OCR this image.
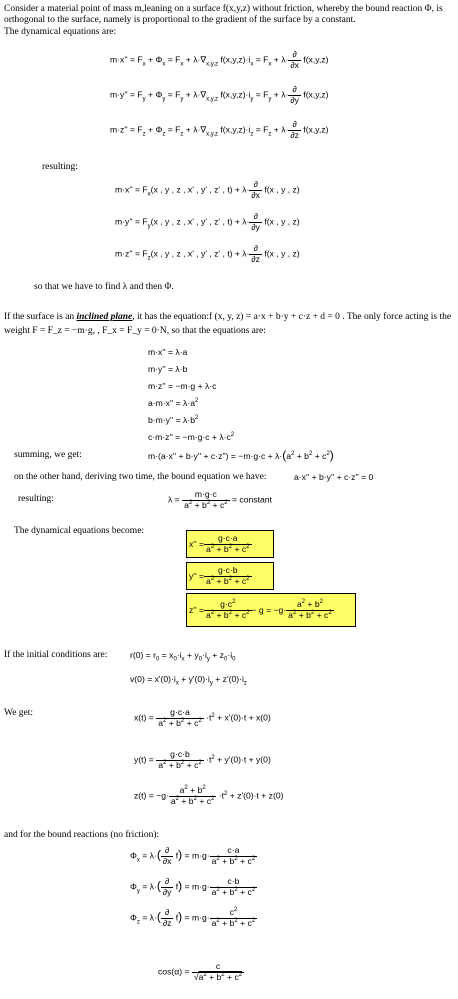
Consider a material point of mass m,leaning on a surface f(x,y,z) without friction, whereby the bound reaction Φ, is
orthogonal to the surface, namely is proportional to the gradient of the surface by a constant.
The dynamical equations are:
$m\cdot x'' = F_x + \Phi_x = F_x + \lambda\cdot\nabla_{x,y,z}$ $f(x,y,z)\cdot i_x = F_x + \lambda\cdot \frac{\partial}{\partial x} f(x,y,z)$
$m\cdot y'' = F_y + \Phi_y = F_y + \lambda\cdot\nabla_{x,y,z}$ $f(x,y,z)\cdot i_y = F_y + \lambda\cdot \frac{\partial}{\partial y} f(x,y,z)$
$m\cdot z'' = F_z + \Phi_z = F_z + \lambda\cdot\nabla_{x,y,z}$ $f(x,y,z)\cdot i_z = F_z + \lambda\cdot \frac{\partial}{\partial z} f(x,y,z)$
resulting:
$m\cdot x'' = F_x(x$ , y , z , x' , y' , z' , $t) + \lambda\cdot \frac{\partial}{\partial x} f(x$ , y , z)
$m\cdot y'' = F_y(x$ , y , z , x' , y' , z' , $t) + \lambda\cdot \frac{\partial}{\partial y} f(x$ , y , z)
$m\cdot z'' = F_z(x$ , y , z , x' , y' , z' , $t) + \lambda\cdot \frac{\partial}{\partial z} f(x$ , y , z)
so that we have to find λ and then Φ.
If the surface is an inclined plane, it has the equation:f (x, y, z) = a·x + b·y + c·z + d = 0 . The only force acting is the
weight F = F_z = −m·g, , F_x = F_y = 0·N, so that the equations are:
m·x'' = λ·a
m·y'' = λ·b
m·z'' = −m·g + λ·c
$a\cdot m\cdot x'' = \lambda\cdot a^2$
$b\cdot m\cdot y'' = \lambda\cdot b^2$
$c\cdot m\cdot z'' = -m\cdot g\cdot c + \lambda\cdot c^2$
summing, we get:	$m\cdot(a\cdot x'' + b\cdot y'' + c\cdot z'') = -m\cdot g\cdot c + \lambda\cdot(a^2 + b^2 + c^2)$
on the other hand, deriving two time, the bound equation we have:	a·x'' + b·y'' + c·z'' = 0
resulting:	$\lambda = \frac{m\cdot g\cdot c}{a^2 + b^2 + c^2}$ = constant
The dynamical equations become:
$x'' = \frac{g\cdot c\cdot a}{a^2 + b^2 + c^2}$
$y'' = \frac{g\cdot c\cdot b}{a^2 + b^2 + c^2}$
$z'' = \frac{g\cdot c^2}{a^2 + b^2 + c^2} - g = -g\cdot \frac{a^2 + b^2}{a^2 + b^2 + c^2}$
If the initial conditions are:	$r(0) = r_0 = x_0\cdot i_x + y_0\cdot i_y + z_0\cdot i_0$
$v(0) = x'(0)\cdot i_x + y'(0)\cdot i_y + z'(0)\cdot i_z$
We get:	$x(t) = \frac{g\cdot c\cdot a}{a^2 + b^2 + c^2} \cdot t^2 + x'(0)\cdot t + x(0)$
$y(t) = \frac{g\cdot c\cdot b}{a^2 + b^2 + c^2} \cdot t^2 + y'(0)\cdot t + y(0)$
$z(t) = -g\cdot \frac{a^2 + b^2}{a^2 + b^2 + c^2} \cdot t^2 + z'(0)\cdot t + z(0)$
and for the bound reactions (no friction):
$\Phi_x = \lambda\cdot( \frac{\partial}{\partial x} f) = m\cdot g\cdot \frac{c\cdot a}{a^2 + b^2 + c^2}$
$\Phi_y = \lambda\cdot( \frac{\partial}{\partial y} f) = m\cdot g\cdot \frac{c\cdot b}{a^2 + b^2 + c^2}$
$\Phi_z = \lambda\cdot( \frac{\partial}{\partial z} f) = m\cdot g\cdot \frac{c^2}{a^2 + b^2 + c^2}$
$\cos(\alpha) = \frac{c}{√a^2 + b^2 + c^2}$
